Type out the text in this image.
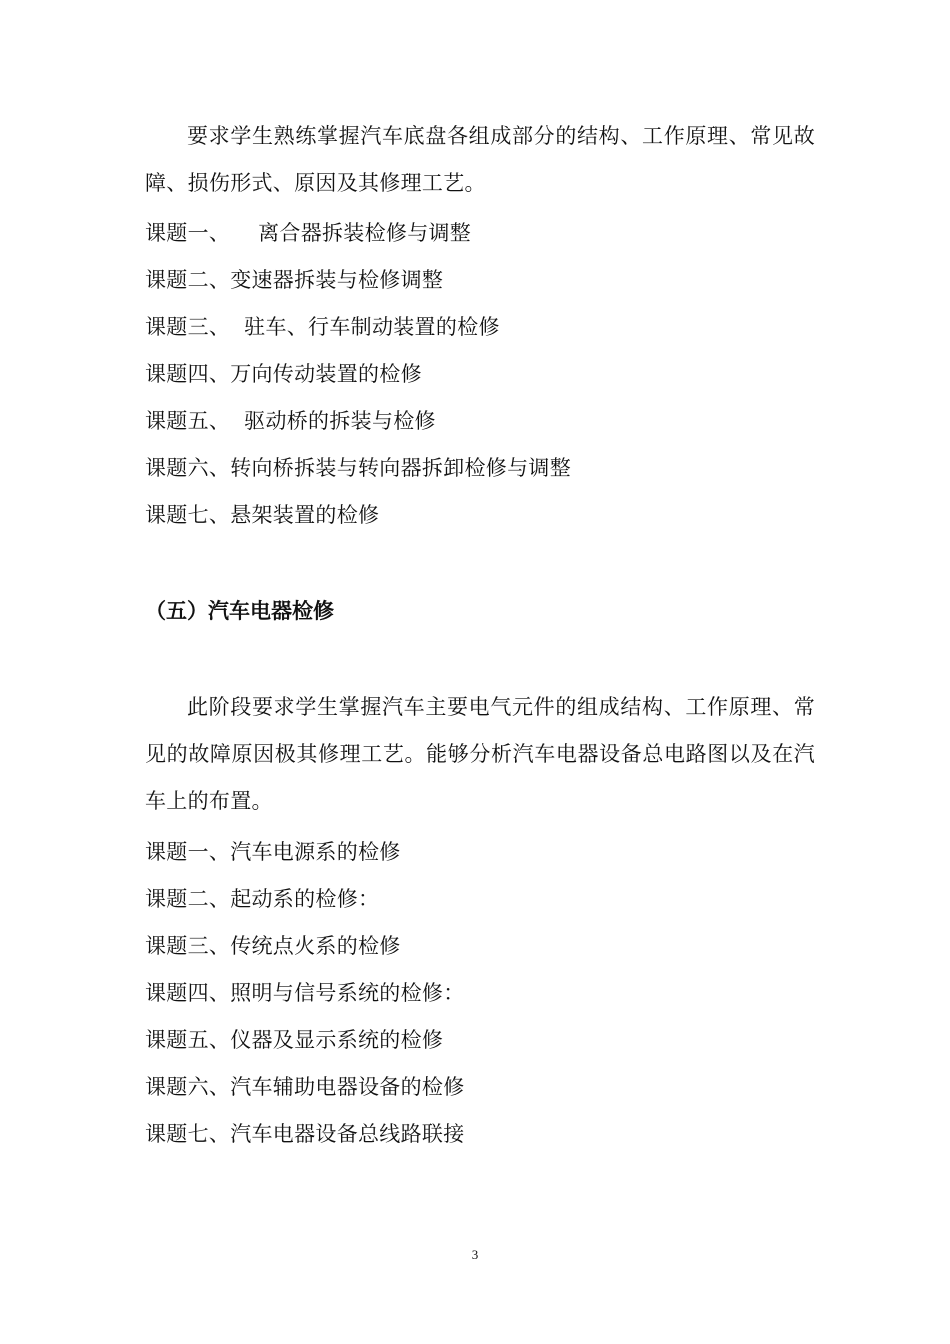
要求学生熟练掌握汽车底盘各组成部分的结构、工作原理、常见故障、损伤形式、原因及其修理工艺。

课题一、    离合器拆装检修与调整
课题二、变速器拆装与检修调整
课题三、  驻车、行车制动装置的检修
课题四、万向传动装置的检修
课题五、  驱动桥的拆装与检修
课题六、转向桥拆装与转向器拆卸检修与调整
课题七、悬架装置的检修
（五）汽车电器检修

此阶段要求学生掌握汽车主要电气元件的组成结构、工作原理、常见的故障原因极其修理工艺。能够分析汽车电器设备总电路图以及在汽车上的布置。

课题一、汽车电源系的检修
课题二、起动系的检修：
课题三、传统点火系的检修
课题四、照明与信号系统的检修：
课题五、仪器及显示系统的检修
课题六、汽车辅助电器设备的检修
课题七、汽车电器设备总线路联接
3
